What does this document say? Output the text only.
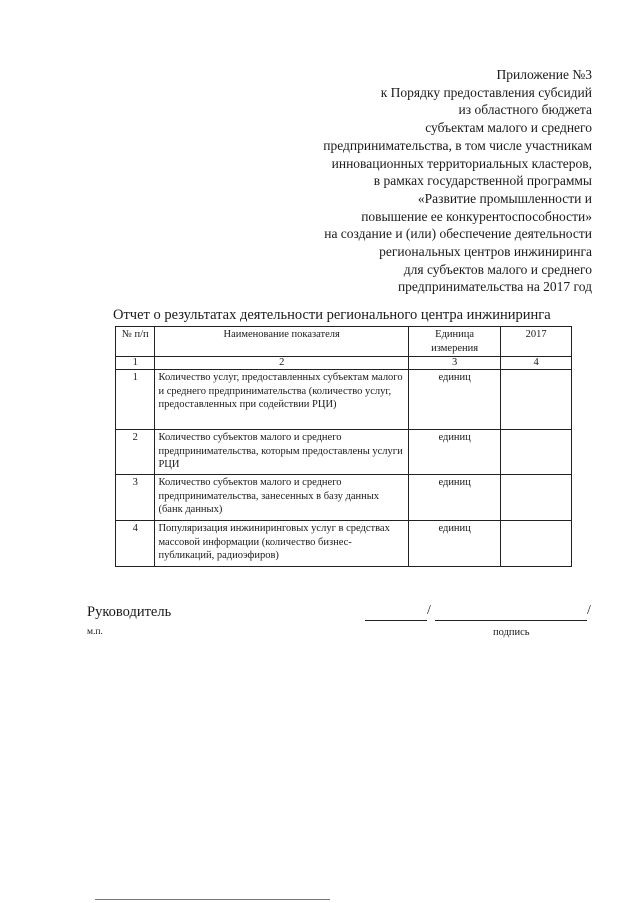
Приложение №3
к Порядку предоставления субсидий
из областного бюджета
субъектам малого и среднего
предпринимательства, в том числе участникам
инновационных территориальных кластеров,
в рамках государственной программы
«Развитие промышленности и
повышение ее конкурентоспособности»
на создание и (или) обеспечение деятельности
региональных центров инжиниринга
для субъектов малого и среднего
предпринимательства на 2017 год
Отчет о результатах деятельности регионального центра инжиниринга
№ п/п	Наименование показателя	Единица измерения	2017
1	2	3	4
1	Количество услуг, предоставленных субъектам малого и среднего предпринимательства (количество услуг, предоставленных при содействии РЦИ)	единиц	
2	Количество субъектов малого и среднего предпринимательства, которым предоставлены услуги РЦИ	единиц	
3	Количество субъектов малого и среднего предпринимательства, занесенных в базу данных (банк данных)	единиц	
4	Популяризация инжиниринговых услуг в средствах массовой информации (количество бизнес-публикаций, радиоэфиров)	единиц	
Руководитель	/	/
м.п.	подпись
